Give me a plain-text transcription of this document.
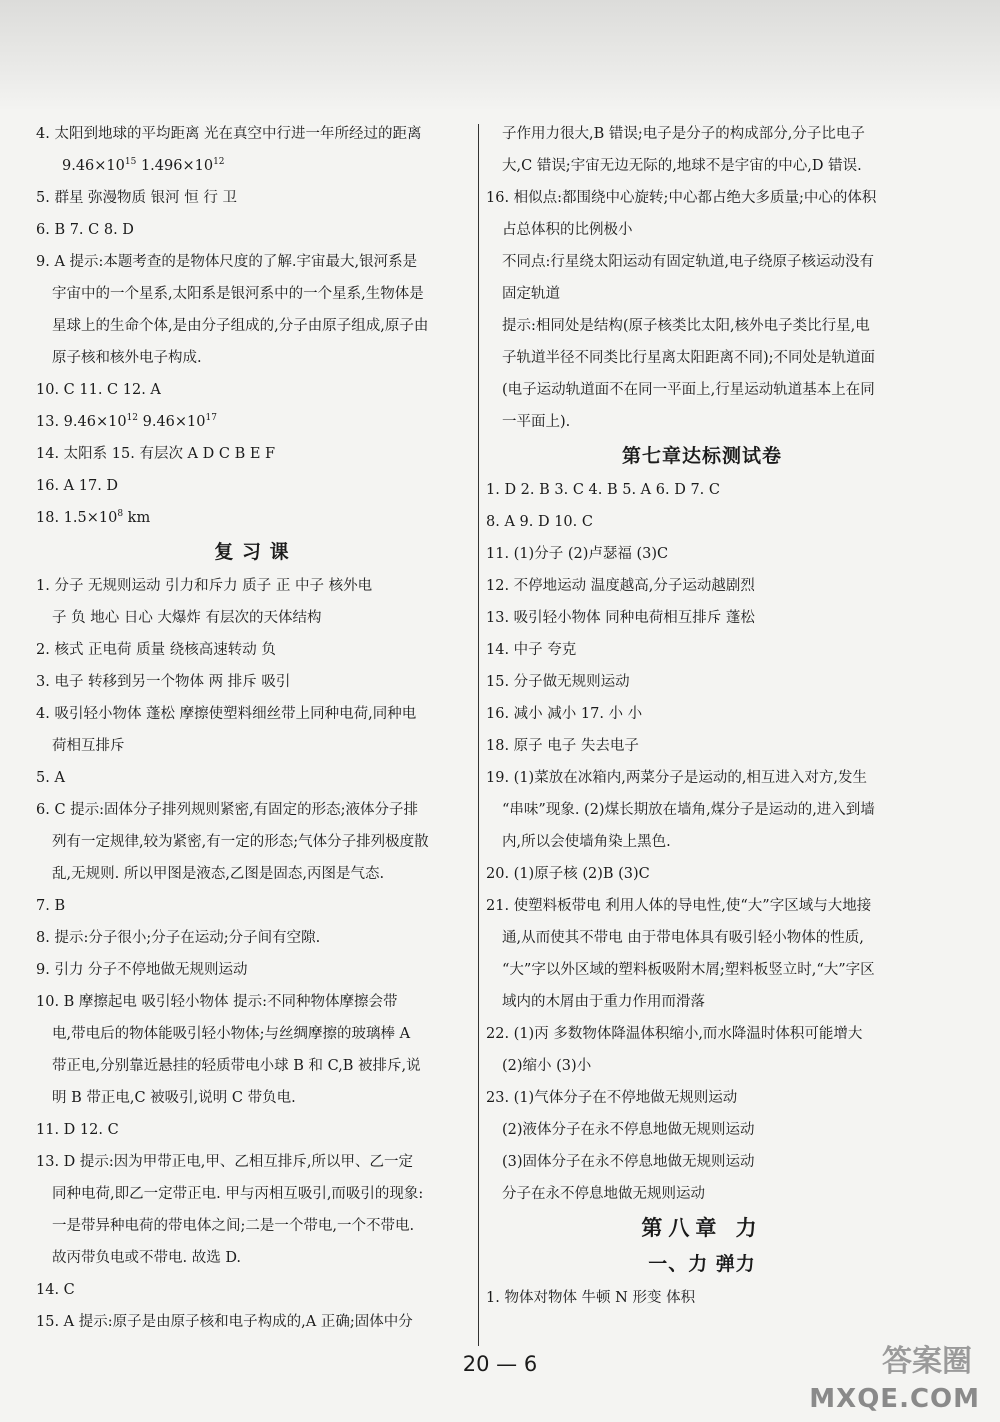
4. 太阳到地球的平均距离 光在真空中行进一年所经过的距离
$9.46\times 10^{15}$ $1.496\times 10^{12}$
5. 群星 弥漫物质 银河 恒 行 卫
6. B 7. C 8. D
9. A 提示:本题考查的是物体尺度的了解.宇宙最大,银河系是
宇宙中的一个星系,太阳系是银河系中的一个星系,生物体是
星球上的生命个体,是由分子组成的,分子由原子组成,原子由
原子核和核外电子构成.
10. C 11. C 12. A
13. $9.46\times 10^{12}$ $9.46\times 10^{17}$
14. 太阳系 15. 有层次 A D C B E F
16. A 17. D
18. $1.5\times 10^8$ km
复 习 课
1. 分子 无规则运动 引力和斥力 质子 正 中子 核外电
子 负 地心 日心 大爆炸 有层次的天体结构
2. 核式 正电荷 质量 绕核高速转动 负
3. 电子 转移到另一个物体 两 排斥 吸引
4. 吸引轻小物体 蓬松 摩擦使塑料细丝带上同种电荷,同种电
荷相互排斥
5. A
6. C 提示:固体分子排列规则紧密,有固定的形态;液体分子排
列有一定规律,较为紧密,有一定的形态;气体分子排列极度散
乱,无规则. 所以甲图是液态,乙图是固态,丙图是气态.
7. B
8. 提示:分子很小;分子在运动;分子间有空隙.
9. 引力 分子不停地做无规则运动
10. B 摩擦起电 吸引轻小物体 提示:不同种物体摩擦会带
电,带电后的物体能吸引轻小物体;与丝绸摩擦的玻璃棒 A
带正电,分别靠近悬挂的轻质带电小球 B 和 C,B 被排斥,说
明 B 带正电,C 被吸引,说明 C 带负电.
11. D 12. C
13. D 提示:因为甲带正电,甲、乙相互排斥,所以甲、乙一定
同种电荷,即乙一定带正电. 甲与丙相互吸引,而吸引的现象:
一是带异种电荷的带电体之间;二是一个带电,一个不带电.
故丙带负电或不带电. 故选 D.
14. C
15. A 提示:原子是由原子核和电子构成的,A 正确;固体中分
子作用力很大,B 错误;电子是分子的构成部分,分子比电子
大,C 错误;宇宙无边无际的,地球不是宇宙的中心,D 错误.
16. 相似点:都围绕中心旋转;中心都占绝大多质量;中心的体积
占总体积的比例极小
不同点:行星绕太阳运动有固定轨道,电子绕原子核运动没有
固定轨道
提示:相同处是结构(原子核类比太阳,核外电子类比行星,电
子轨道半径不同类比行星离太阳距离不同);不同处是轨道面
(电子运动轨道面不在同一平面上,行星运动轨道基本上在同
一平面上).
第七章达标测试卷
1. D 2. B 3. C 4. B 5. A 6. D 7. C
8. A 9. D 10. C
11. (1)分子 (2)卢瑟福 (3)C
12. 不停地运动 温度越高,分子运动越剧烈
13. 吸引轻小物体 同种电荷相互排斥 蓬松
14. 中子 夸克
15. 分子做无规则运动
16. 减小 减小 17. 小 小
18. 原子 电子 失去电子
19. (1)菜放在冰箱内,两菜分子是运动的,相互进入对方,发生
“串味”现象. (2)煤长期放在墙角,煤分子是运动的,进入到墙
内,所以会使墙角染上黑色.
20. (1)原子核 (2)B (3)C
21. 使塑料板带电 利用人体的导电性,使“大”字区域与大地接
通,从而使其不带电 由于带电体具有吸引轻小物体的性质,
“大”字以外区域的塑料板吸附木屑;塑料板竖立时,“大”字区
域内的木屑由于重力作用而滑落
22. (1)丙 多数物体降温体积缩小,而水降温时体积可能增大
(2)缩小 (3)小
23. (1)气体分子在不停地做无规则运动
(2)液体分子在永不停息地做无规则运动
(3)固体分子在永不停息地做无规则运动
分子在永不停息地做无规则运动
第八章 力
一、力 弹力
1. 物体对物体 牛顿 N 形变 体积
20 — 6	答案圈
MXQE.COM
